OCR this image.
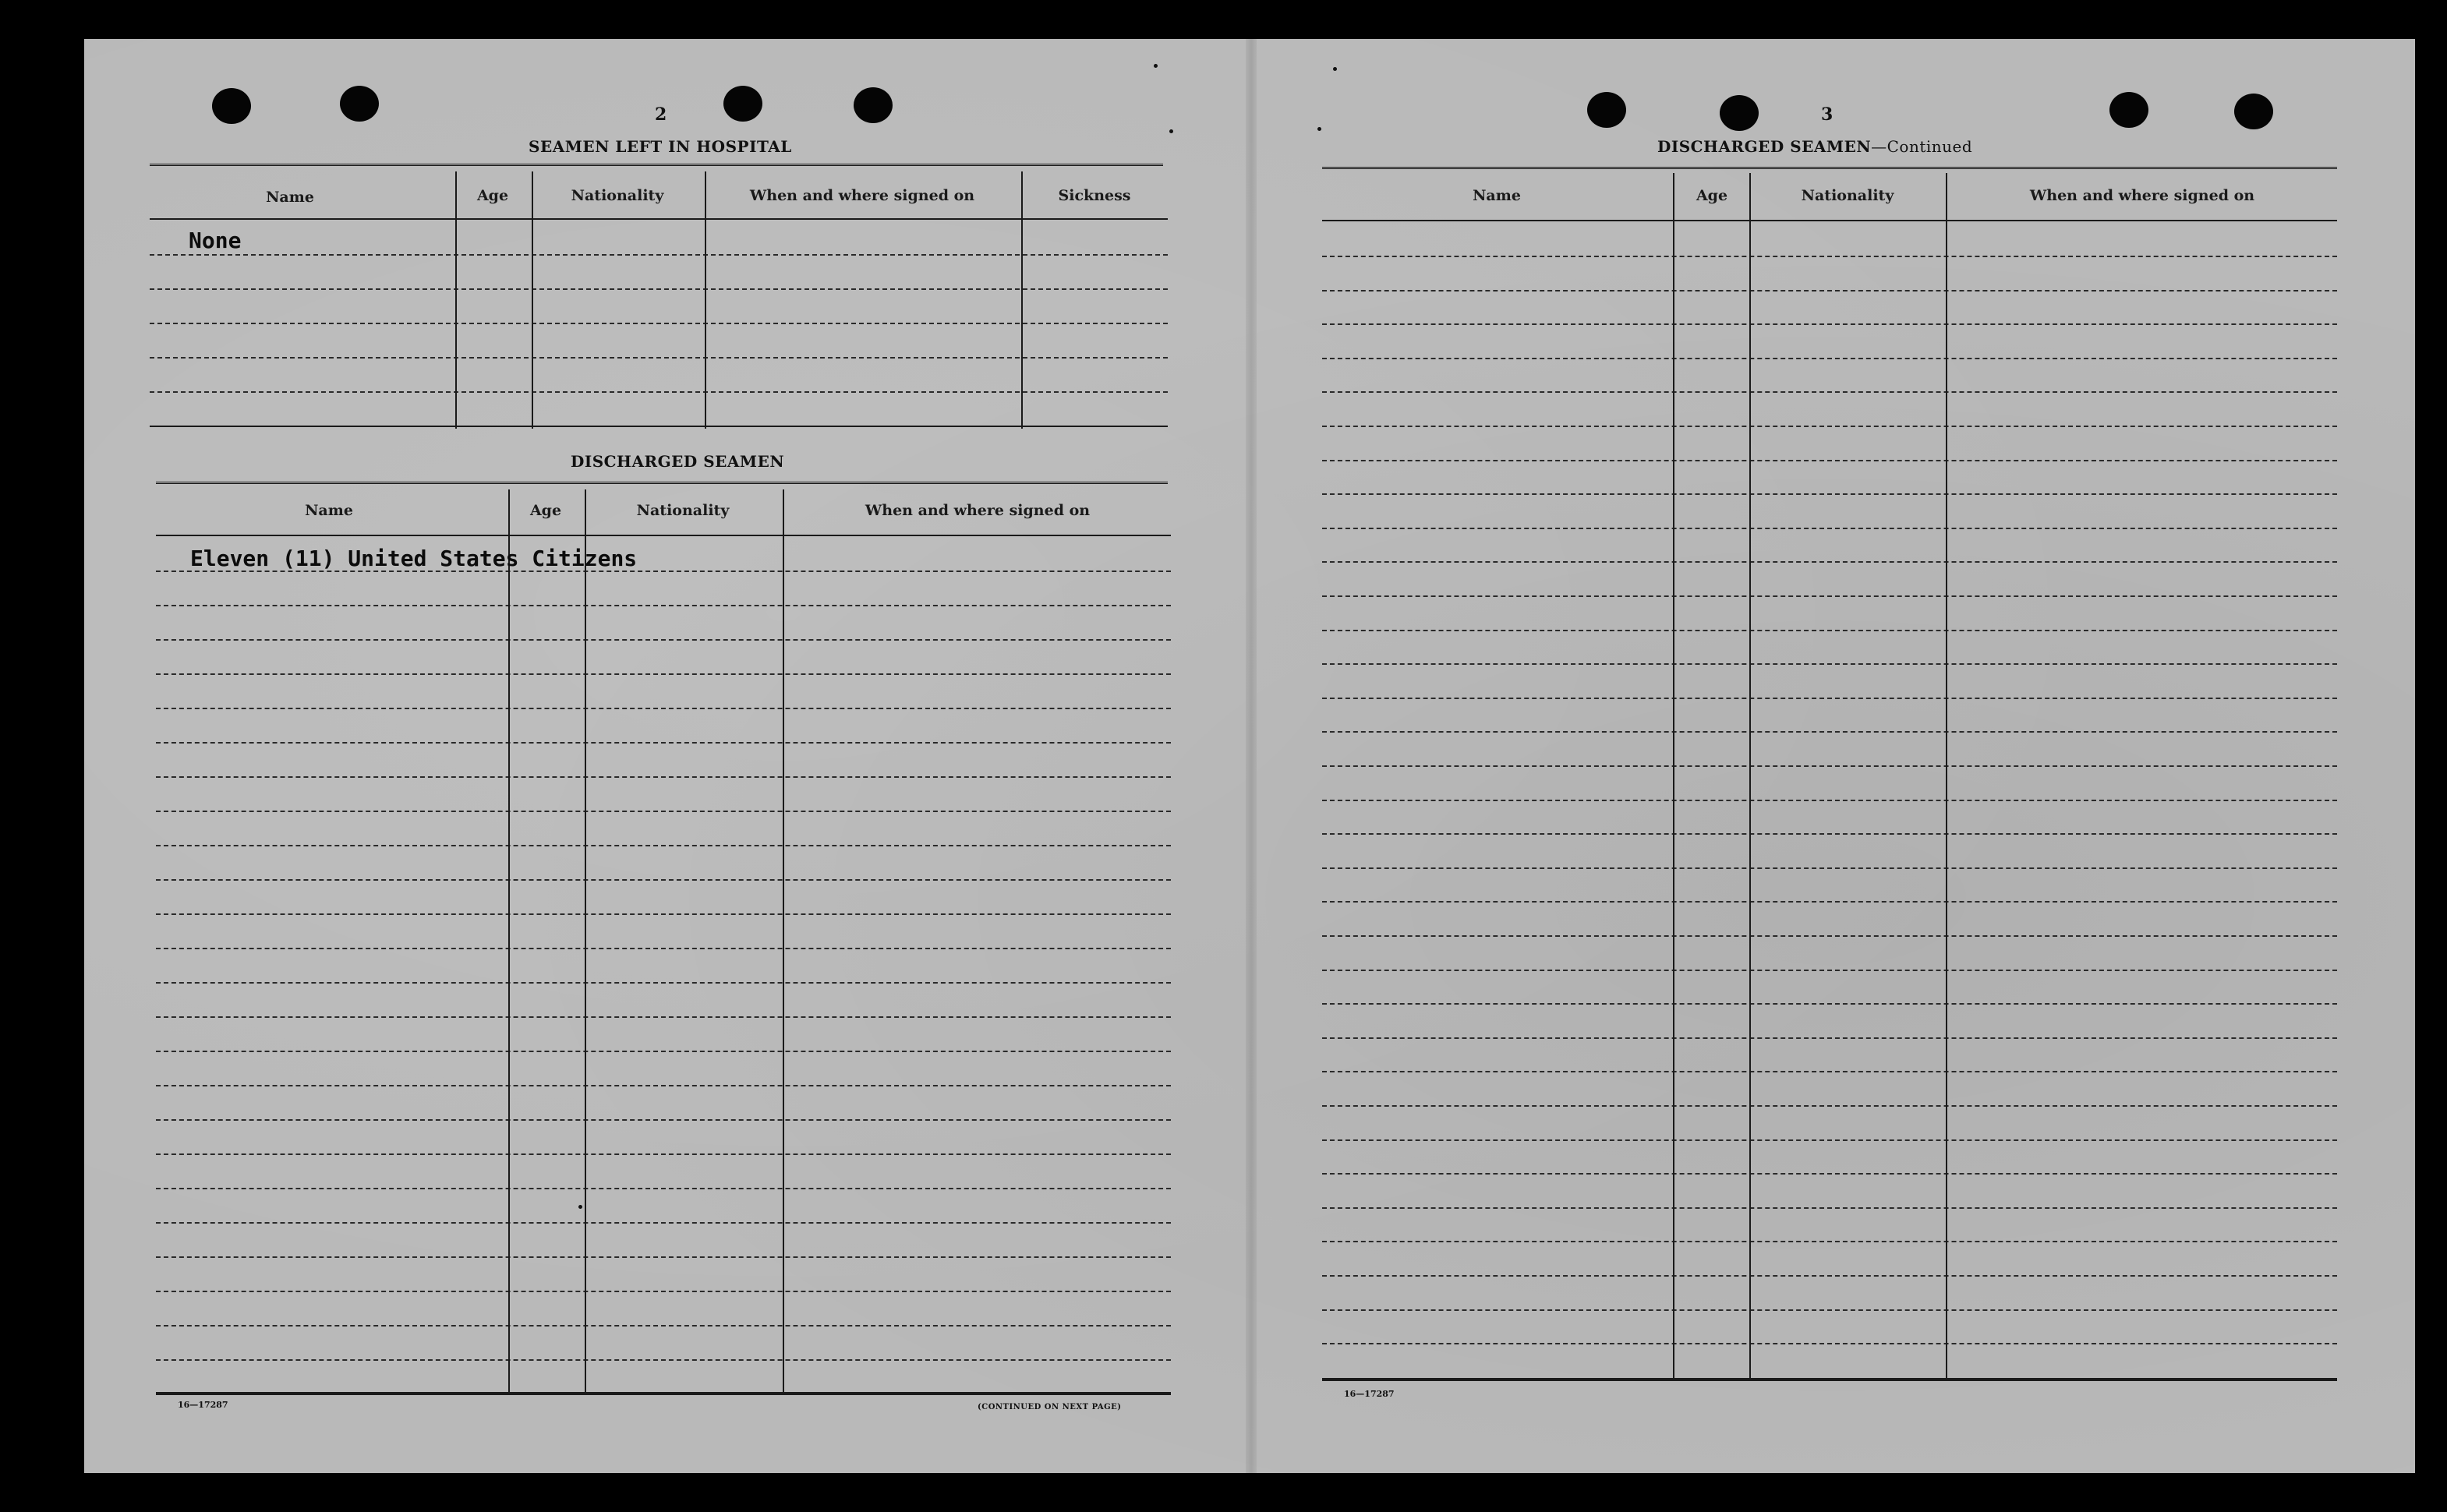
2
SEAMEN LEFT IN HOSPITAL
Name	Age	Nationality	When and where signed on	Sickness
None
DISCHARGED SEAMEN
Name	Age	Nationality	When and where signed on
Eleven (11) United States Citizens
16—17287	(CONTINUED ON NEXT PAGE)
3
DISCHARGED SEAMEN—Continued
Name	Age	Nationality	When and where signed on
16—17287
